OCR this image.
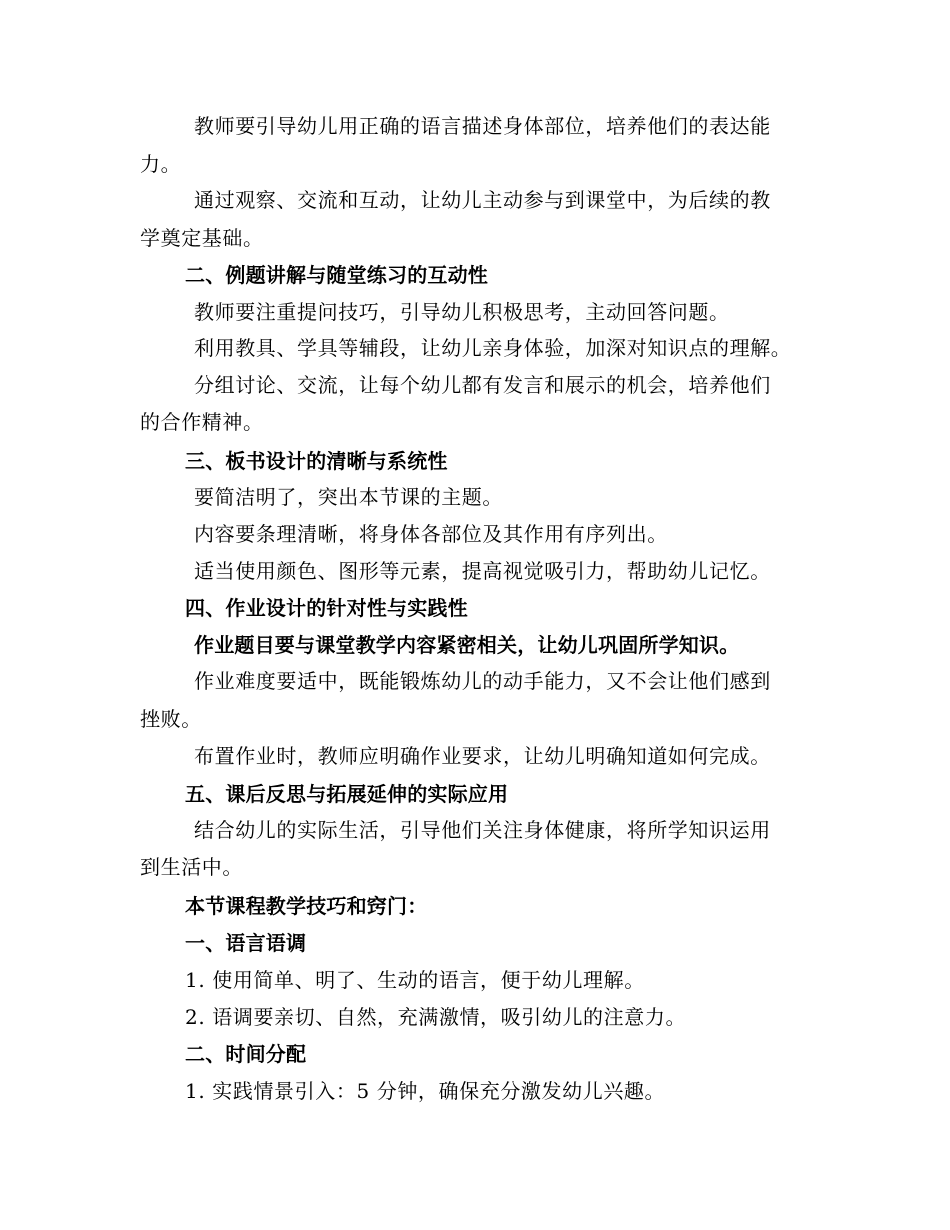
教师要引导幼儿用正确的语言描述身体部位，培养他们的表达能
力。
通过观察、交流和互动，让幼儿主动参与到课堂中，为后续的教
学奠定基础。
二、例题讲解与随堂练习的互动性
教师要注重提问技巧，引导幼儿积极思考，主动回答问题。
利用教具、学具等辅段，让幼儿亲身体验，加深对知识点的理解。
分组讨论、交流，让每个幼儿都有发言和展示的机会，培养他们
的合作精神。
三、板书设计的清晰与系统性
要简洁明了，突出本节课的主题。
内容要条理清晰，将身体各部位及其作用有序列出。
适当使用颜色、图形等元素，提高视觉吸引力，帮助幼儿记忆。
四、作业设计的针对性与实践性
作业题目要与课堂教学内容紧密相关，让幼儿巩固所学知识。
作业难度要适中，既能锻炼幼儿的动手能力，又不会让他们感到
挫败。
布置作业时，教师应明确作业要求，让幼儿明确知道如何完成。
五、课后反思与拓展延伸的实际应用
结合幼儿的实际生活，引导他们关注身体健康，将所学知识运用
到生活中。
本节课程教学技巧和窍门：
一、语言语调
1. 使用简单、明了、生动的语言，便于幼儿理解。
2. 语调要亲切、自然，充满激情，吸引幼儿的注意力。
二、时间分配
1. 实践情景引入：5 分钟，确保充分激发幼儿兴趣。
